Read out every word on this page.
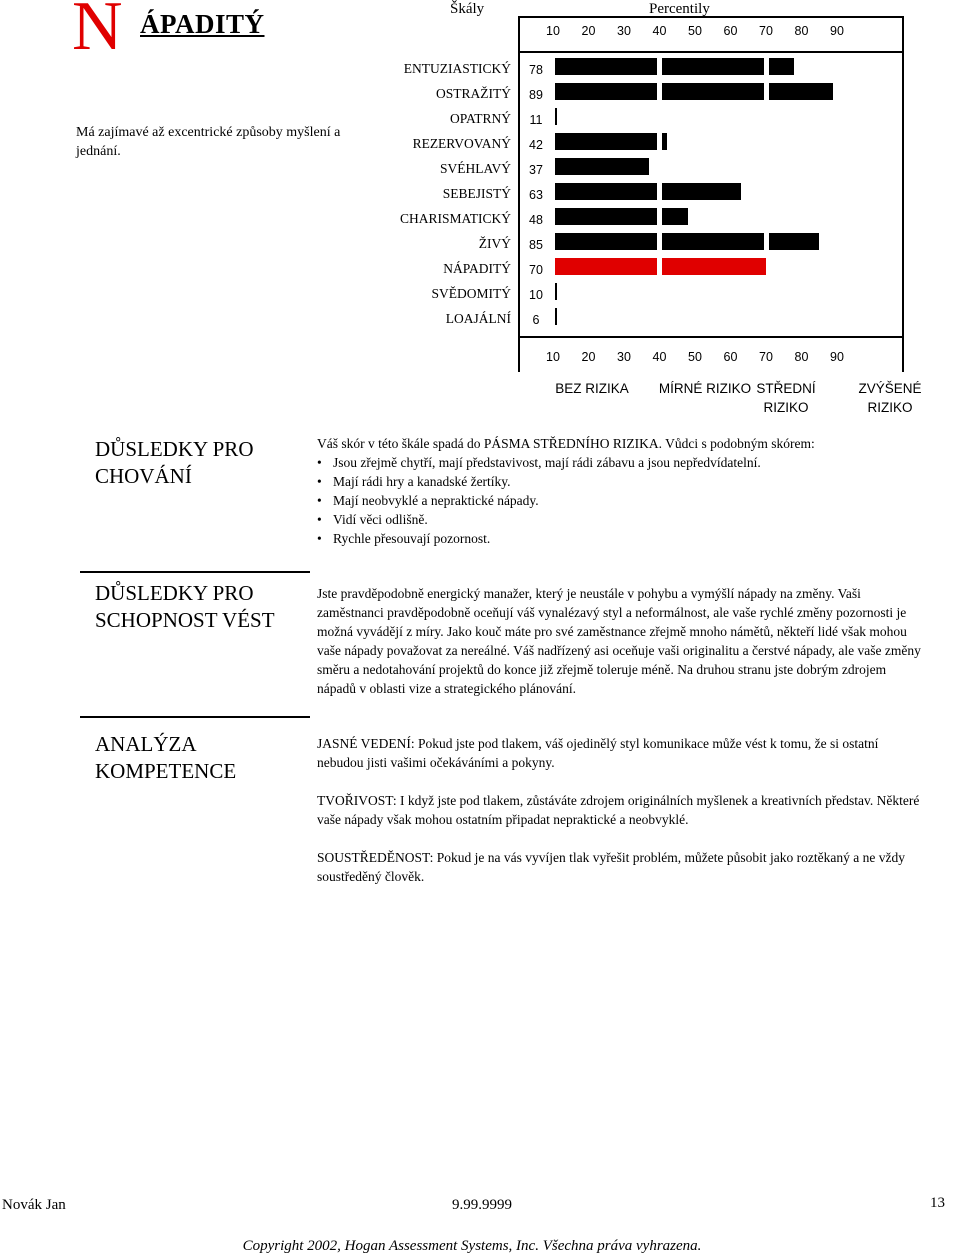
N ÁPADITÝ
Má zajímavé až excentrické způsoby myšlení a jednání.
Škály	Percentily
10
10
20
20
30
30
40
40
50
50
60
60
70
70
80
80
90
90
ENTUZIASTICKÝ	78
OSTRAŽITÝ	89
OPATRNÝ	11
REZERVOVANÝ	42
SVÉHLAVÝ	37
SEBEJISTÝ	63
CHARISMATICKÝ	48
ŽIVÝ	85
NÁPADITÝ	70
SVĚDOMITÝ	10
LOAJÁLNÍ	6
BEZ RIZIKA MÍRNÉ RIZIKO STŘEDNÍ
RIZIKO
ZVÝŠENÉ
RIZIKO
DŮSLEDKY PRO
CHOVÁNÍ
Váš skór v této škále spadá do PÁSMA STŘEDNÍHO RIZIKA. Vůdci s podobným skórem:
• Jsou zřejmě chytří, mají představivost, mají rádi zábavu a jsou nepředvídatelní.
• Mají rádi hry a kanadské žertíky.
• Mají neobvyklé a nepraktické nápady.
• Vidí věci odlišně.
• Rychle přesouvají pozornost.
DŮSLEDKY PRO
SCHOPNOST VÉST
Jste pravděpodobně energický manažer, který je neustále v pohybu a vymýšlí nápady na změny. Vaši zaměstnanci pravděpodobně oceňují váš vynalézavý styl a neformálnost, ale vaše rychlé změny pozornosti je možná vyvádějí z míry. Jako kouč máte pro své zaměstnance zřejmě mnoho námětů, někteří lidé však mohou vaše nápady považovat za nereálné. Váš nadřízený asi oceňuje vaši originalitu a čerstvé nápady, ale vaše změny směru a nedotahování projektů do konce již zřejmě toleruje méně. Na druhou stranu jste dobrým zdrojem nápadů v oblasti vize a strategického plánování.
ANALÝZA
KOMPETENCE

JASNÉ VEDENÍ: Pokud jste pod tlakem, váš ojedinělý styl komunikace může vést k tomu, že si ostatní nebudou jisti vašimi očekáváními a pokyny.

TVOŘIVOST: I když jste pod tlakem, zůstáváte zdrojem originálních myšlenek a kreativních představ. Některé vaše nápady však mohou ostatním připadat nepraktické a neobvyklé.

SOUSTŘEDĚNOST: Pokud je na vás vyvíjen tlak vyřešit problém, můžete působit jako roztěkaný a ne vždy soustředěný člověk.

Novák Jan	9.99.9999	13
Copyright 2002, Hogan Assessment Systems, Inc. Všechna práva vyhrazena.
